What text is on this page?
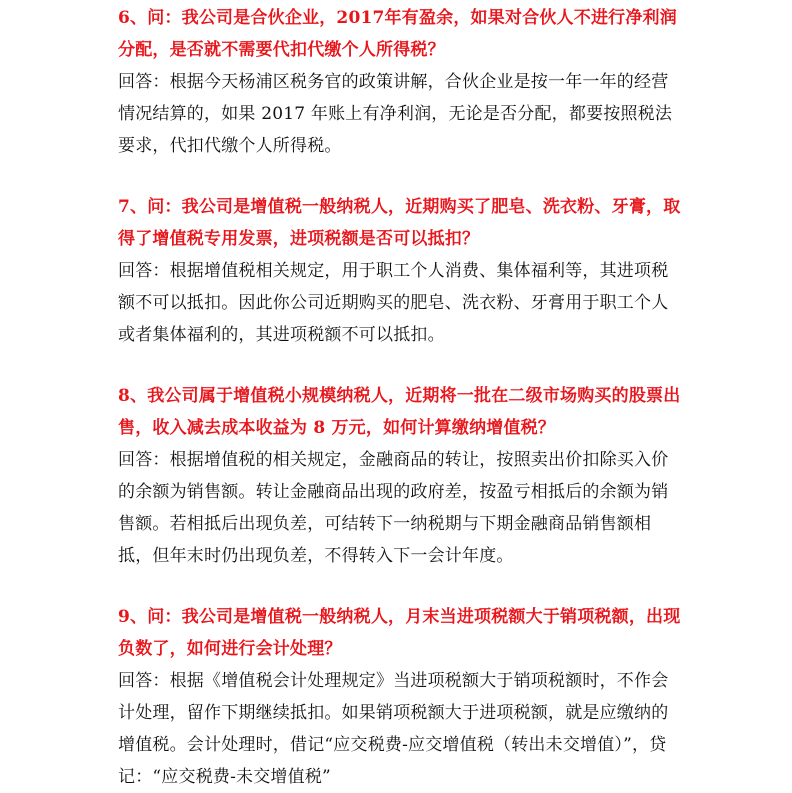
6、问：我公司是合伙企业，2017年有盈余，如果对合伙人不进行净利润分配，是否就不需要代扣代缴个人所得税？

回答：根据今天杨浦区税务官的政策讲解，合伙企业是按一年一年的经营情况结算的，如果 2017 年账上有净利润，无论是否分配，都要按照税法要求，代扣代缴个人所得税。

7、问：我公司是增值税一般纳税人，近期购买了肥皂、洗衣粉、牙膏，取得了增值税专用发票，进项税额是否可以抵扣？

回答：根据增值税相关规定，用于职工个人消费、集体福利等，其进项税额不可以抵扣。因此你公司近期购买的肥皂、洗衣粉、牙膏用于职工个人或者集体福利的，其进项税额不可以抵扣。

8、我公司属于增值税小规模纳税人，近期将一批在二级市场购买的股票出售，收入减去成本收益为 8 万元，如何计算缴纳增值税？

回答：根据增值税的相关规定，金融商品的转让，按照卖出价扣除买入价的余额为销售额。转让金融商品出现的政府差，按盈亏相抵后的余额为销售额。若相抵后出现负差，可结转下一纳税期与下期金融商品销售额相抵，但年末时仍出现负差，不得转入下一会计年度。

9、问：我公司是增值税一般纳税人，月末当进项税额大于销项税额，出现负数了，如何进行会计处理？

回答：根据《增值税会计处理规定》当进项税额大于销项税额时，不作会计处理，留作下期继续抵扣。如果销项税额大于进项税额，就是应缴纳的增值税。会计处理时，借记“应交税费-应交增值税（转出未交增值）”，贷记：“应交税费-未交增值税”
